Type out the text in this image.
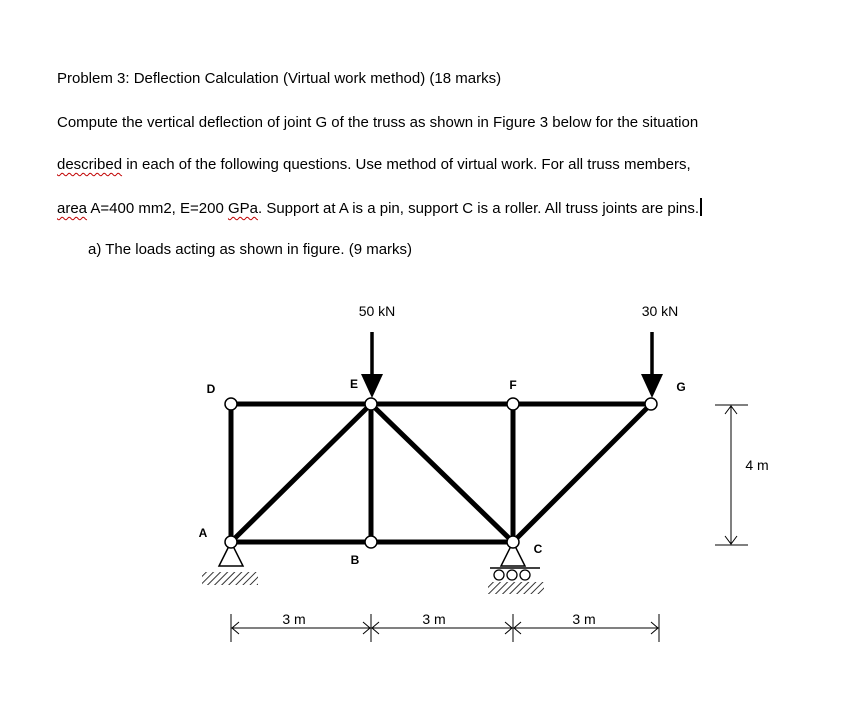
Problem 3: Deflection Calculation (Virtual work method) (18 marks)
Compute the vertical deflection of joint G of the truss as shown in Figure 3 below for the situation
described in each of the following questions. Use method of virtual work. For all truss members,
area A=400 mm2, E=200 GPa. Support at A is a pin, support C is a roller. All truss joints are pins.
a) The loads acting as shown in figure. (9 marks)
50 kN	30 kN
D	E	F	G
A
B
C
4 m
3 m	3 m	3 m
